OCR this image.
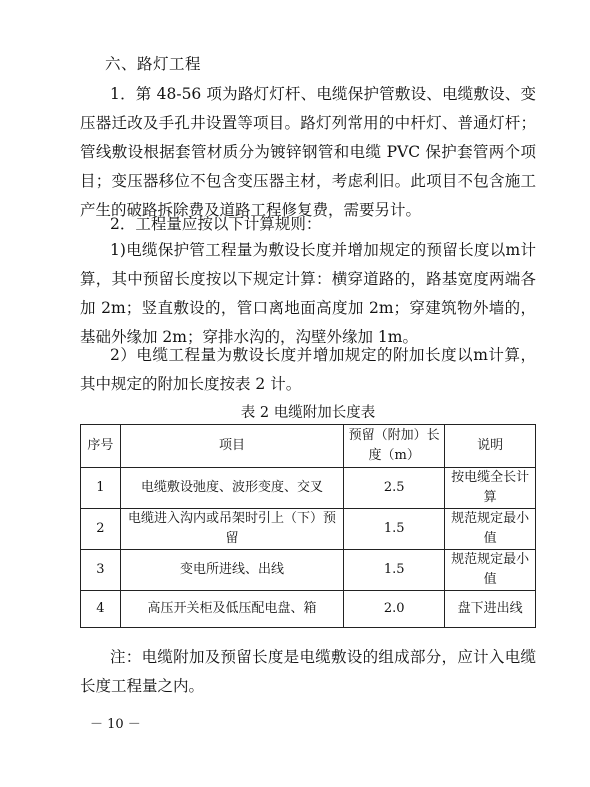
六、路灯工程
1．第 48-56 项为路灯灯杆、电缆保护管敷设、电缆敷设、变压器迁改及手孔井设置等项目。路灯列常用的中杆灯、普通灯杆；管线敷设根据套管材质分为镀锌钢管和电缆 PVC 保护套管两个项目；变压器移位不包含变压器主材，考虑利旧。此项目不包含施工产生的破路拆除费及道路工程修复费，需要另计。
2．工程量应按以下计算规则：
1)电缆保护管工程量为敷设长度并增加规定的预留长度以m计算，其中预留长度按以下规定计算：横穿道路的，路基宽度两端各加 2m；竖直敷设的，管口离地面高度加 2m；穿建筑物外墙的，基础外缘加 2m；穿排水沟的，沟壁外缘加 1m。
2）电缆工程量为敷设长度并增加规定的附加长度以m计算，其中规定的附加长度按表 2 计。
表 2 电缆附加长度表
序号	项目	预留（附加）长度（m）	说明
1	电缆敷设弛度、波形变度、交叉	2.5	按电缆全长计算
2	电缆进入沟内或吊架时引上（下）预留	1.5	规范规定最小值
3	变电所进线、出线	1.5	规范规定最小值
4	高压开关柜及低压配电盘、箱	2.0	盘下进出线
注：电缆附加及预留长度是电缆敷设的组成部分，应计入电缆长度工程量之内。
－ 10 －
